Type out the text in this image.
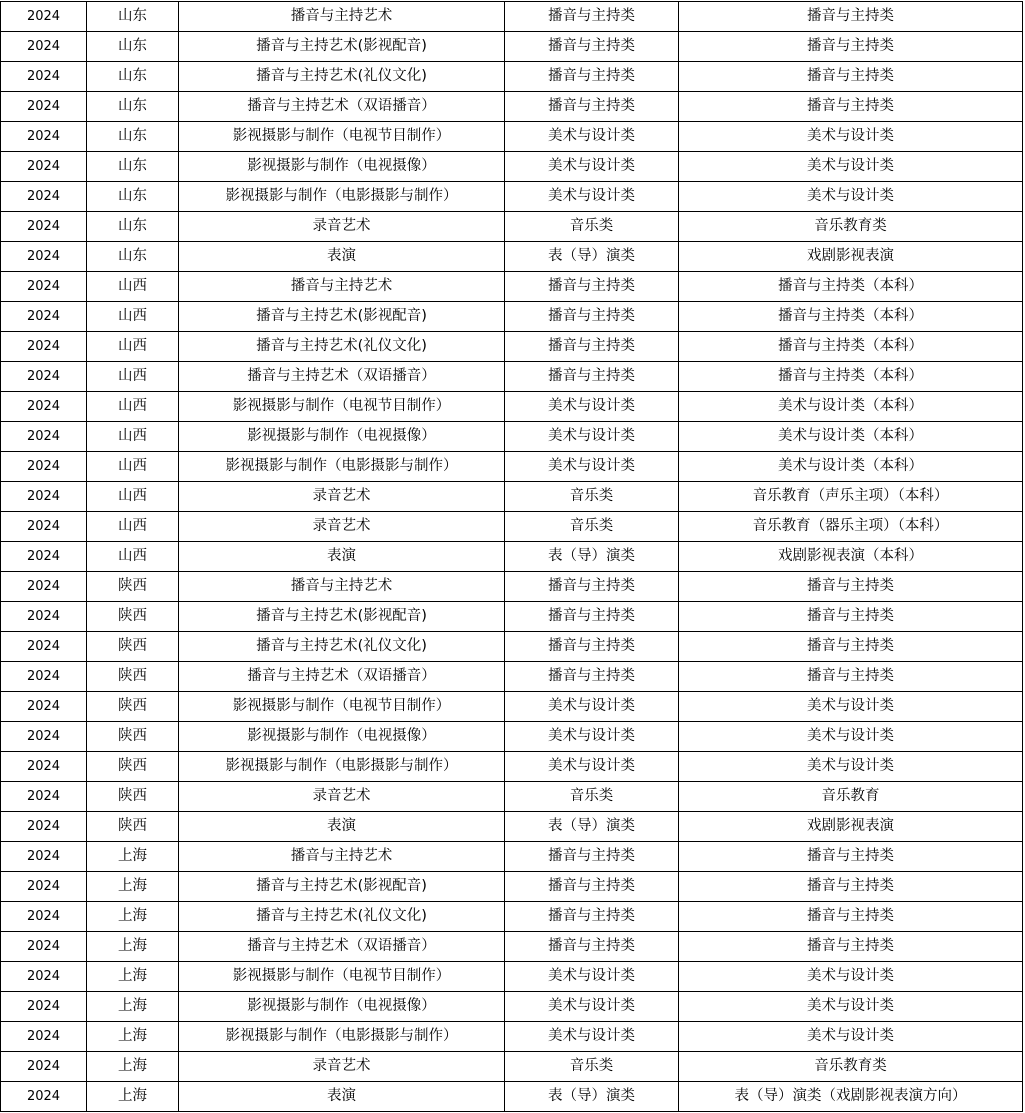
2024	山东	播音与主持艺术	播音与主持类	播音与主持类
2024	山东	播音与主持艺术(影视配音)	播音与主持类	播音与主持类
2024	山东	播音与主持艺术(礼仪文化)	播音与主持类	播音与主持类
2024	山东	播音与主持艺术（双语播音）	播音与主持类	播音与主持类
2024	山东	影视摄影与制作（电视节目制作）	美术与设计类	美术与设计类
2024	山东	影视摄影与制作（电视摄像）	美术与设计类	美术与设计类
2024	山东	影视摄影与制作（电影摄影与制作）	美术与设计类	美术与设计类
2024	山东	录音艺术	音乐类	音乐教育类
2024	山东	表演	表（导）演类	戏剧影视表演
2024	山西	播音与主持艺术	播音与主持类	播音与主持类（本科）
2024	山西	播音与主持艺术(影视配音)	播音与主持类	播音与主持类（本科）
2024	山西	播音与主持艺术(礼仪文化)	播音与主持类	播音与主持类（本科）
2024	山西	播音与主持艺术（双语播音）	播音与主持类	播音与主持类（本科）
2024	山西	影视摄影与制作（电视节目制作）	美术与设计类	美术与设计类（本科）
2024	山西	影视摄影与制作（电视摄像）	美术与设计类	美术与设计类（本科）
2024	山西	影视摄影与制作（电影摄影与制作）	美术与设计类	美术与设计类（本科）
2024	山西	录音艺术	音乐类	音乐教育（声乐主项）（本科）
2024	山西	录音艺术	音乐类	音乐教育（器乐主项）（本科）
2024	山西	表演	表（导）演类	戏剧影视表演（本科）
2024	陕西	播音与主持艺术	播音与主持类	播音与主持类
2024	陕西	播音与主持艺术(影视配音)	播音与主持类	播音与主持类
2024	陕西	播音与主持艺术(礼仪文化)	播音与主持类	播音与主持类
2024	陕西	播音与主持艺术（双语播音）	播音与主持类	播音与主持类
2024	陕西	影视摄影与制作（电视节目制作）	美术与设计类	美术与设计类
2024	陕西	影视摄影与制作（电视摄像）	美术与设计类	美术与设计类
2024	陕西	影视摄影与制作（电影摄影与制作）	美术与设计类	美术与设计类
2024	陕西	录音艺术	音乐类	音乐教育
2024	陕西	表演	表（导）演类	戏剧影视表演
2024	上海	播音与主持艺术	播音与主持类	播音与主持类
2024	上海	播音与主持艺术(影视配音)	播音与主持类	播音与主持类
2024	上海	播音与主持艺术(礼仪文化)	播音与主持类	播音与主持类
2024	上海	播音与主持艺术（双语播音）	播音与主持类	播音与主持类
2024	上海	影视摄影与制作（电视节目制作）	美术与设计类	美术与设计类
2024	上海	影视摄影与制作（电视摄像）	美术与设计类	美术与设计类
2024	上海	影视摄影与制作（电影摄影与制作）	美术与设计类	美术与设计类
2024	上海	录音艺术	音乐类	音乐教育类
2024	上海	表演	表（导）演类	表（导）演类（戏剧影视表演方向）
